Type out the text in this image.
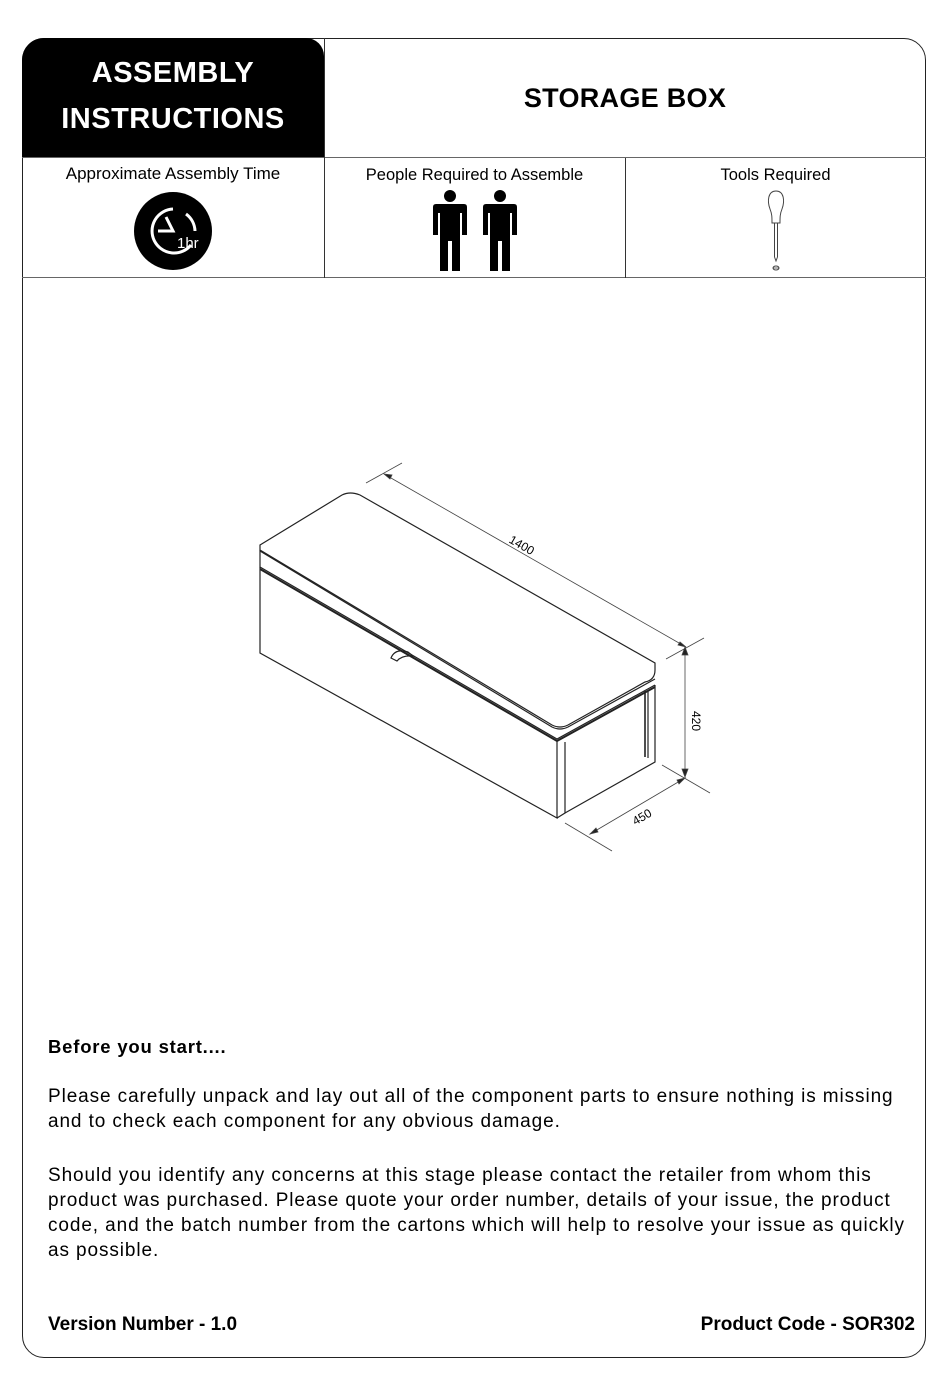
ASSEMBLY
INSTRUCTIONS
STORAGE BOX
Approximate Assembly Time
1hr
People Required to Assemble	Tools Required
1400
420
450

Before you start....

Please carefully unpack and lay out all of the component parts to ensure nothing is missing and to check each component for any obvious damage.

Should you identify any concerns at this stage please contact the retailer from whom this product was purchased. Please quote your order number, details of your issue, the product code, and the batch number from the cartons which will help to resolve your issue as quickly as possible.

Version Number - 1.0	Product Code - SOR302
